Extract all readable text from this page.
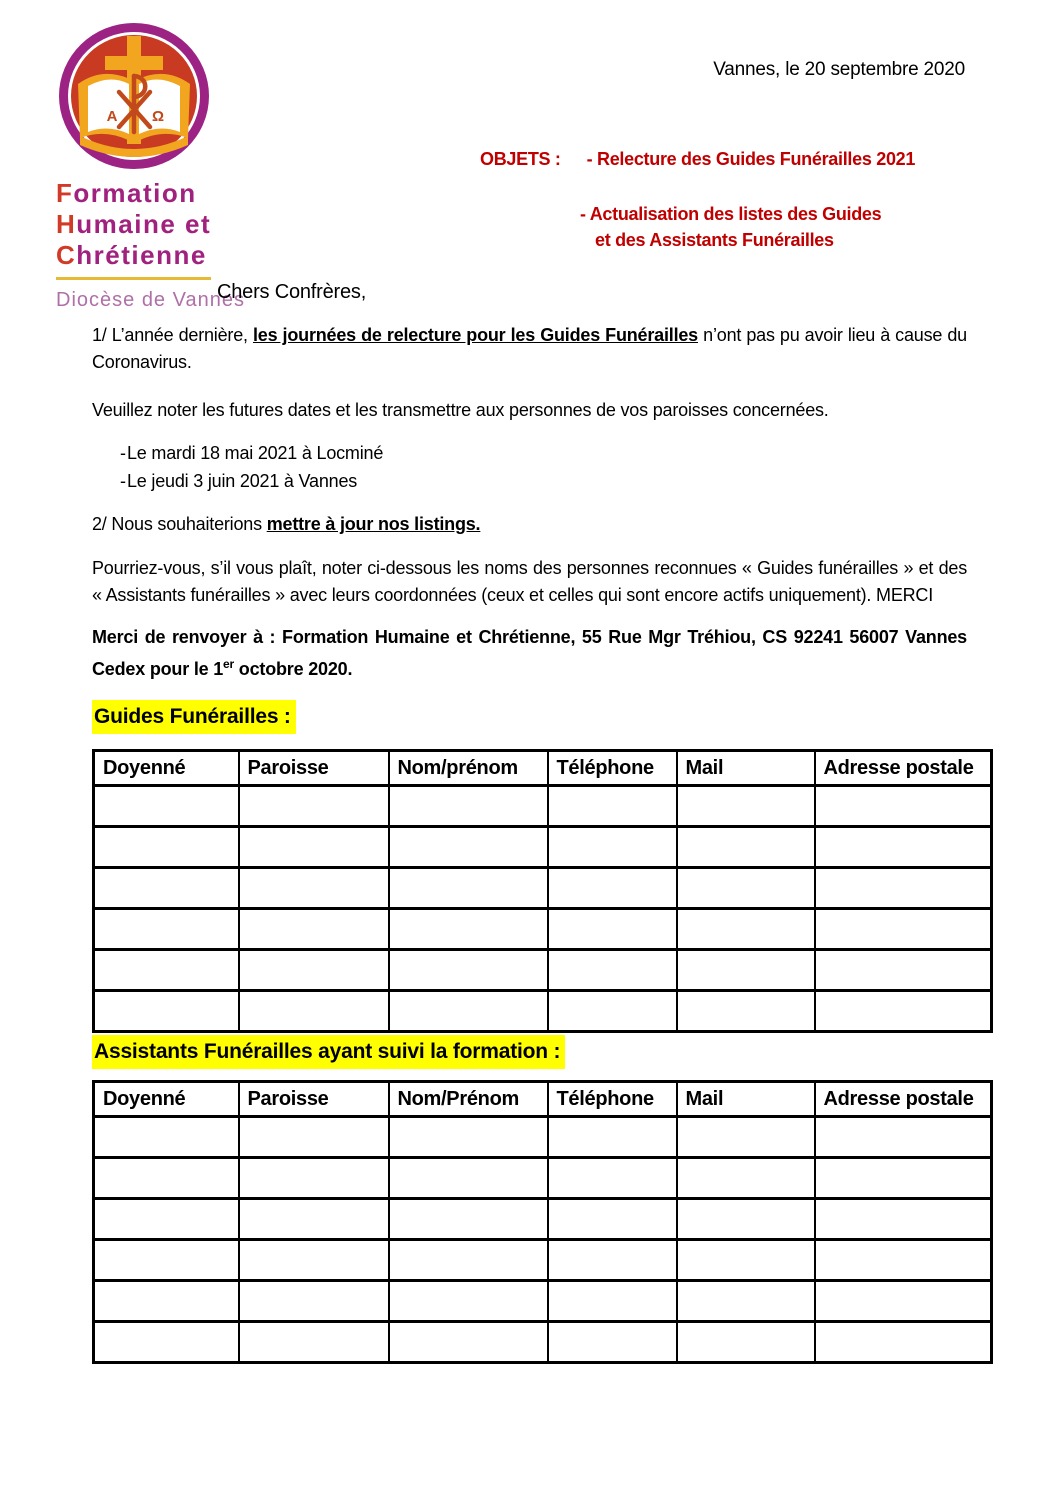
A Ω
Formation
Humaine et
Chrétienne
Diocèse de Vannes
Vannes, le 20 septembre 2020
OBJETS : - Relecture des Guides Funérailles 2021
- Actualisation des listes des Guides
et des Assistants Funérailles
Chers Confrères,

1/ L’année dernière, les journées de relecture pour les Guides Funérailles n’ont pas pu avoir lieu à cause du Coronavirus.

Veuillez noter les futures dates et les transmettre aux personnes de vos paroisses concernées.

- Le mardi 18 mai 2021 à Locminé
- Le jeudi 3 juin 2021 à Vannes

2/ Nous souhaiterions mettre à jour nos listings.

Pourriez-vous, s’il vous plaît, noter ci-dessous les noms des personnes reconnues « Guides funérailles » et des « Assistants funérailles » avec leurs coordonnées (ceux et celles qui sont encore actifs uniquement). MERCI

Merci de renvoyer à : Formation Humaine et Chrétienne, 55 Rue Mgr Tréhiou, CS 92241 56007 Vannes Cedex pour le 1er octobre 2020.

Guides Funérailles :
Doyenné	Paroisse	Nom/prénom	Téléphone	Mail	Adresse postale

Assistants Funérailles ayant suivi la formation :
Doyenné	Paroisse	Nom/Prénom	Téléphone	Mail	Adresse postale
